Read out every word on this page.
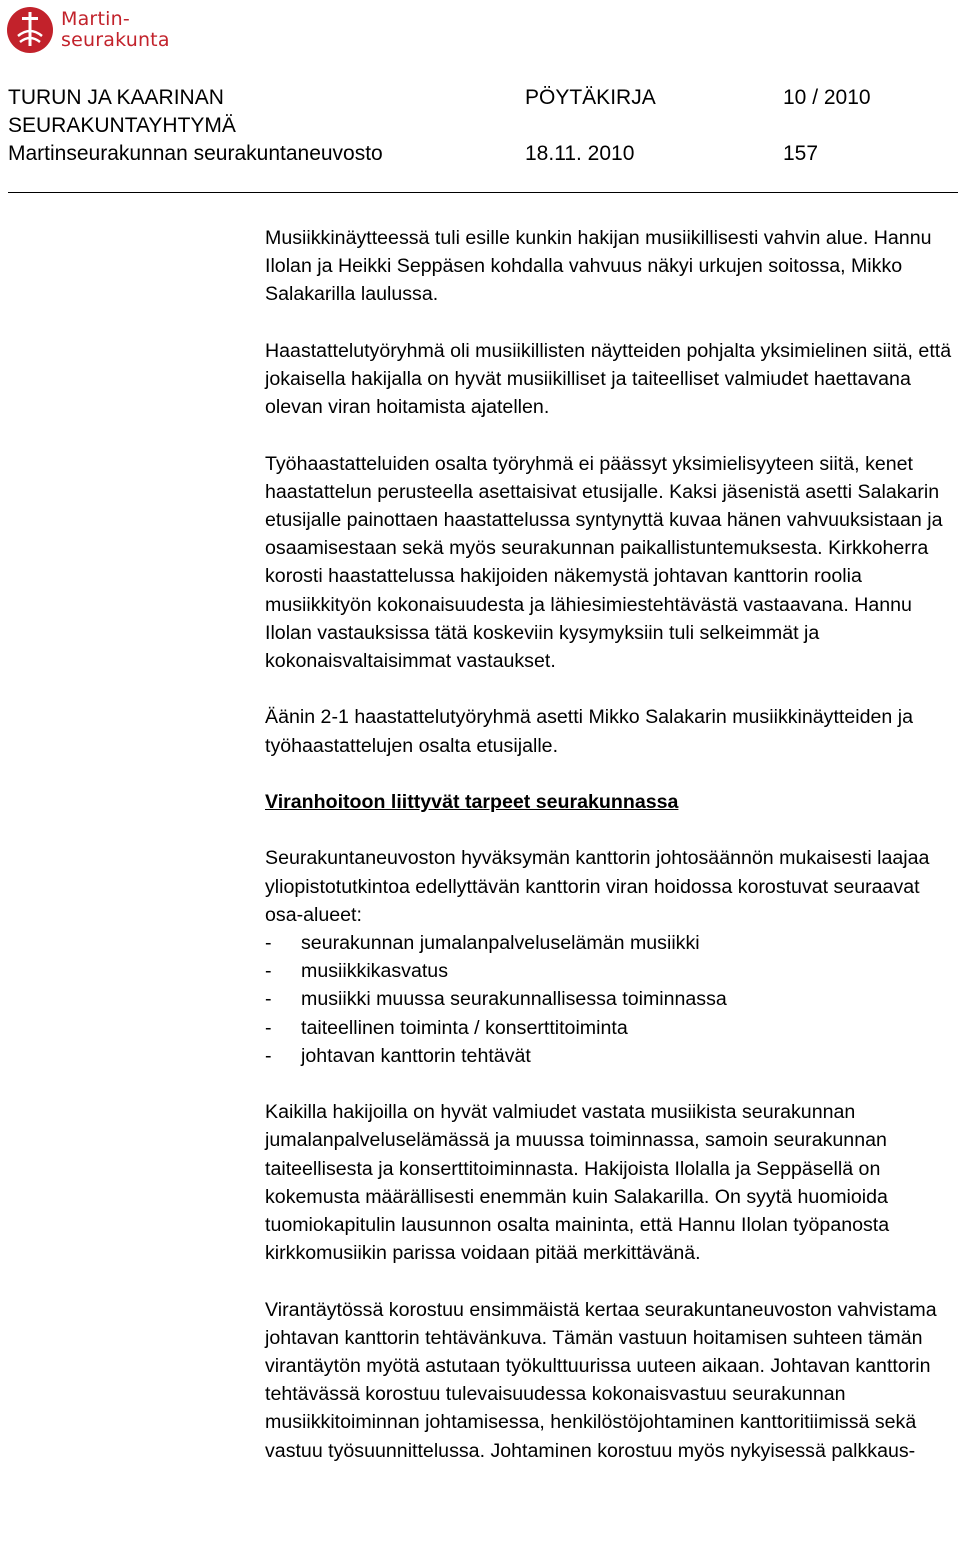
Martin-
seurakunta
TURUN JA KAARINAN
SEURAKUNTAYHTYMÄ
Martinseurakunnan seurakuntaneuvosto
PÖYTÄKIRJA
18.11. 2010
10 / 2010
157

Musiikkinäytteessä tuli esille kunkin hakijan musiikillisesti vahvin alue. Hannu Ilolan ja Heikki Seppäsen kohdalla vahvuus näkyi urkujen soitossa, Mikko Salakarilla laulussa.

Haastattelutyöryhmä oli musiikillisten näytteiden pohjalta yksimielinen siitä, että jokaisella hakijalla on hyvät musiikilliset ja taiteelliset valmiudet haettavana olevan viran hoitamista ajatellen.

Työhaastatteluiden osalta työryhmä ei päässyt yksimielisyyteen siitä, kenet haastattelun perusteella asettaisivat etusijalle. Kaksi jäsenistä asetti Salakarin etusijalle painottaen haastattelussa syntynyttä kuvaa hänen vahvuuksistaan ja osaamisestaan sekä myös seurakunnan paikallistuntemuksesta. Kirkkoherra korosti haastattelussa hakijoiden näkemystä johtavan kanttorin roolia musiikkityön kokonaisuudesta ja lähiesimiestehtävästä vastaavana. Hannu Ilolan vastauksissa tätä koskeviin kysymyksiin tuli selkeimmät ja kokonaisvaltaisimmat vastaukset.

Äänin 2-1 haastattelutyöryhmä asetti Mikko Salakarin musiikkinäytteiden ja työhaastattelujen osalta etusijalle.

Viranhoitoon liittyvät tarpeet seurakunnassa

Seurakuntaneuvoston hyväksymän kanttorin johtosäännön mukaisesti laajaa yliopistotutkintoa edellyttävän kanttorin viran hoidossa korostuvat seuraavat osa-alueet:

-	seurakunnan jumalanpalveluselämän musiikki
-	musiikkikasvatus
-	musiikki muussa seurakunnallisessa toiminnassa
-	taiteellinen toiminta / konserttitoiminta
-	johtavan kanttorin tehtävät

Kaikilla hakijoilla on hyvät valmiudet vastata musiikista seurakunnan jumalanpalveluselämässä ja muussa toiminnassa, samoin seurakunnan taiteellisesta ja konserttitoiminnasta. Hakijoista Ilolalla ja Seppäsellä on kokemusta määrällisesti enemmän kuin Salakarilla. On syytä huomioida tuomiokapitulin lausunnon osalta maininta, että Hannu Ilolan työpanosta kirkkomusiikin parissa voidaan pitää merkittävänä.

Virantäytössä korostuu ensimmäistä kertaa seurakuntaneuvoston vahvistama johtavan kanttorin tehtävänkuva. Tämän vastuun hoitamisen suhteen tämän virantäytön myötä astutaan työkulttuurissa uuteen aikaan. Johtavan kanttorin tehtävässä korostuu tulevaisuudessa kokonaisvastuu seurakunnan musiikkitoiminnan johtamisessa, henkilöstöjohtaminen kanttoritiimissä sekä vastuu työsuunnittelussa. Johtaminen korostuu myös nykyisessä palkkaus-
